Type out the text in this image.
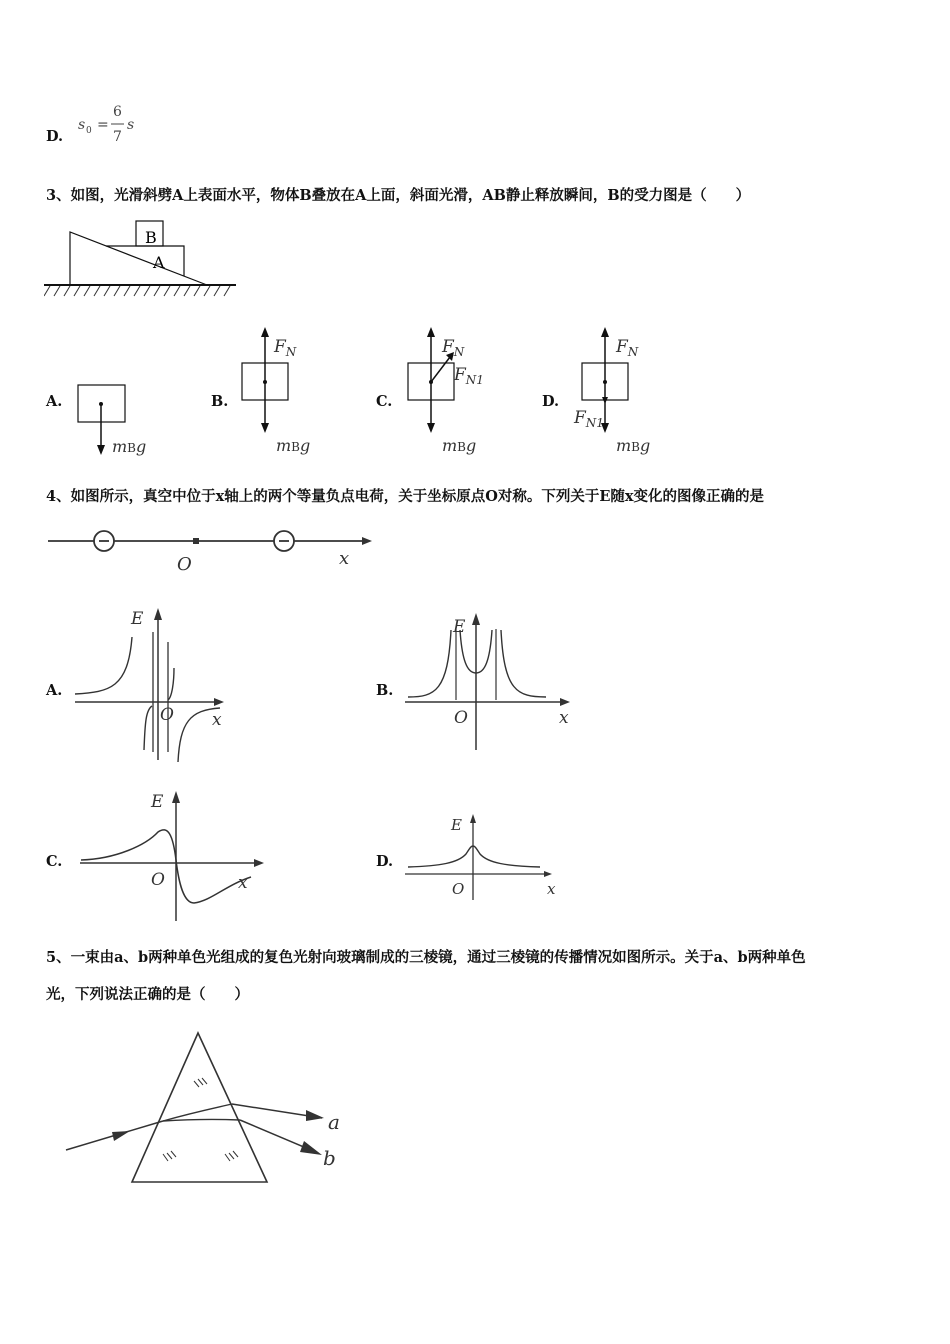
D.
s 0 =
6
7
s
3、如图，光滑斜劈A上表面水平，物体B叠放在A上面，斜面光滑，AB静止释放瞬间，B的受力图是（　　）
B
A
A.
mBg
B.
$F_N$
mBg
C.
$F_N$
$F_{N1}$
mBg
D.
$F_N$
$F_{N1}$
mBg
4、如图所示，真空中位于x轴上的两个等量负点电荷，关于坐标原点O对称。下列关于E随x变化的图像正确的是
O	x
A.
E
O x
B.
E
O	x
C.
E
O	x
D.
E
O	x
5、一束由a、b两种单色光组成的复色光射向玻璃制成的三棱镜，通过三棱镜的传播情况如图所示。关于a、b两种单色
光，下列说法正确的是（　　）
a
b
